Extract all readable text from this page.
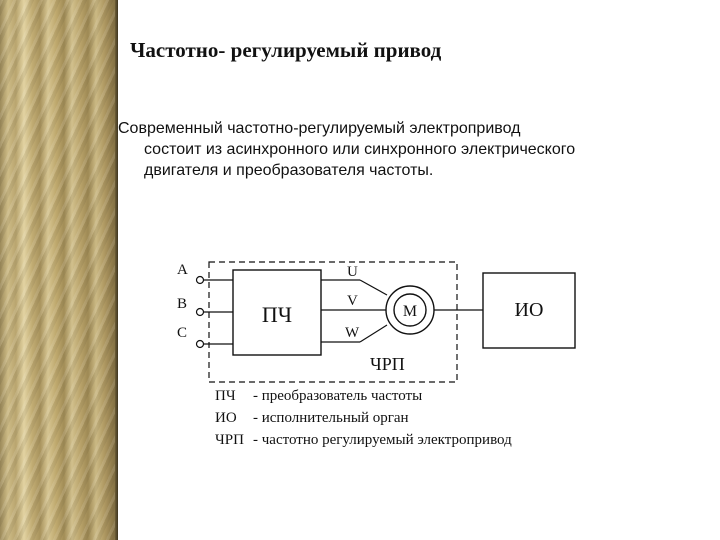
Частотно- регулируемый привод
Современный частотно-регулируемый электропривод
состоит из асинхронного или синхронного электрического
двигателя и преобразователя частоты.
A
B
C
ПЧ
U
V
W
M	ИО
ЧРП
ПЧ - преобразователь частоты
ИО - исполнительный орган
ЧРП - частотно регулируемый электропривод
